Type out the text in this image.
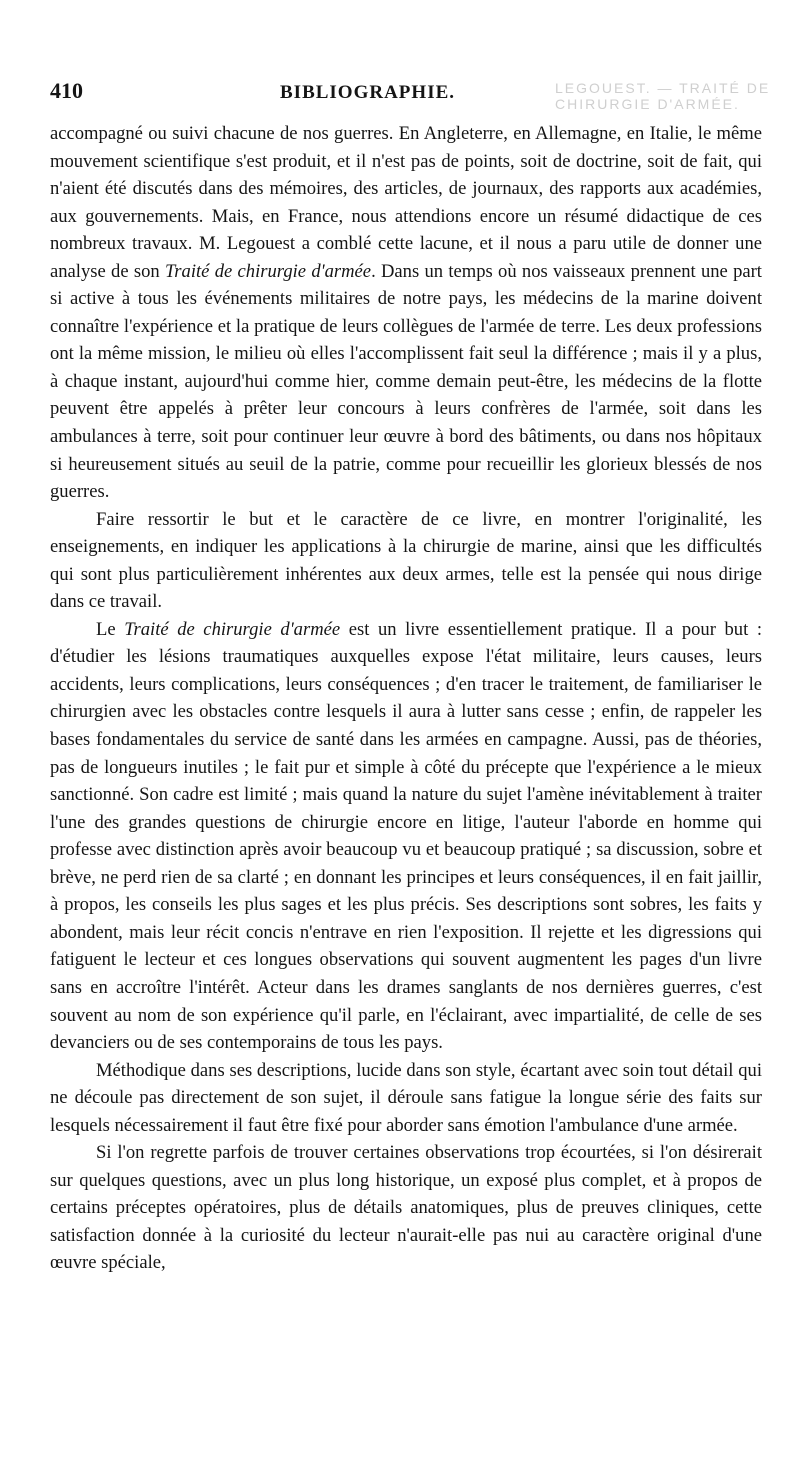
LEGOUEST. — TRAITÉ DE CHIRURGIE D'ARMÉE.
410	BIBLIOGRAPHIE.

accompagné ou suivi chacune de nos guerres. En Angleterre, en Allemagne, en Italie, le même mouvement scientifique s'est produit, et il n'est pas de points, soit de doctrine, soit de fait, qui n'aient été discutés dans des mémoires, des articles, de journaux, des rapports aux académies, aux gouvernements. Mais, en France, nous attendions encore un résumé didactique de ces nombreux travaux. M. Legouest a comblé cette lacune, et il nous a paru utile de donner une analyse de son Traité de chirurgie d'armée. Dans un temps où nos vaisseaux prennent une part si active à tous les événements militaires de notre pays, les médecins de la marine doivent connaître l'expérience et la pratique de leurs collègues de l'armée de terre. Les deux professions ont la même mission, le milieu où elles l'accomplissent fait seul la différence ; mais il y a plus, à chaque instant, aujourd'hui comme hier, comme demain peut-être, les médecins de la flotte peuvent être appelés à prêter leur concours à leurs confrères de l'armée, soit dans les ambulances à terre, soit pour continuer leur œuvre à bord des bâtiments, ou dans nos hôpitaux si heureusement situés au seuil de la patrie, comme pour recueillir les glorieux blessés de nos guerres.

Faire ressortir le but et le caractère de ce livre, en montrer l'originalité, les enseignements, en indiquer les applications à la chirurgie de marine, ainsi que les difficultés qui sont plus particulièrement inhérentes aux deux armes, telle est la pensée qui nous dirige dans ce travail.

Le Traité de chirurgie d'armée est un livre essentiellement pratique. Il a pour but : d'étudier les lésions traumatiques auxquelles expose l'état militaire, leurs causes, leurs accidents, leurs complications, leurs conséquences ; d'en tracer le traitement, de familiariser le chirurgien avec les obstacles contre lesquels il aura à lutter sans cesse ; enfin, de rappeler les bases fondamentales du service de santé dans les armées en campagne. Aussi, pas de théories, pas de longueurs inutiles ; le fait pur et simple à côté du précepte que l'expérience a le mieux sanctionné. Son cadre est limité ; mais quand la nature du sujet l'amène inévitablement à traiter l'une des grandes questions de chirurgie encore en litige, l'auteur l'aborde en homme qui professe avec distinction après avoir beaucoup vu et beaucoup pratiqué ; sa discussion, sobre et brève, ne perd rien de sa clarté ; en donnant les principes et leurs conséquences, il en fait jaillir, à propos, les conseils les plus sages et les plus précis. Ses descriptions sont sobres, les faits y abondent, mais leur récit concis n'entrave en rien l'exposition. Il rejette et les digressions qui fatiguent le lecteur et ces longues observations qui souvent augmentent les pages d'un livre sans en accroître l'intérêt. Acteur dans les drames sanglants de nos dernières guerres, c'est souvent au nom de son expérience qu'il parle, en l'éclairant, avec impartialité, de celle de ses devanciers ou de ses contemporains de tous les pays.

Méthodique dans ses descriptions, lucide dans son style, écartant avec soin tout détail qui ne découle pas directement de son sujet, il déroule sans fatigue la longue série des faits sur lesquels nécessairement il faut être fixé pour aborder sans émotion l'ambulance d'une armée.

Si l'on regrette parfois de trouver certaines observations trop écourtées, si l'on désirerait sur quelques questions, avec un plus long historique, un exposé plus complet, et à propos de certains préceptes opératoires, plus de détails anatomiques, plus de preuves cliniques, cette satisfaction donnée à la curiosité du lecteur n'aurait-elle pas nui au caractère original d'une œuvre spéciale,
